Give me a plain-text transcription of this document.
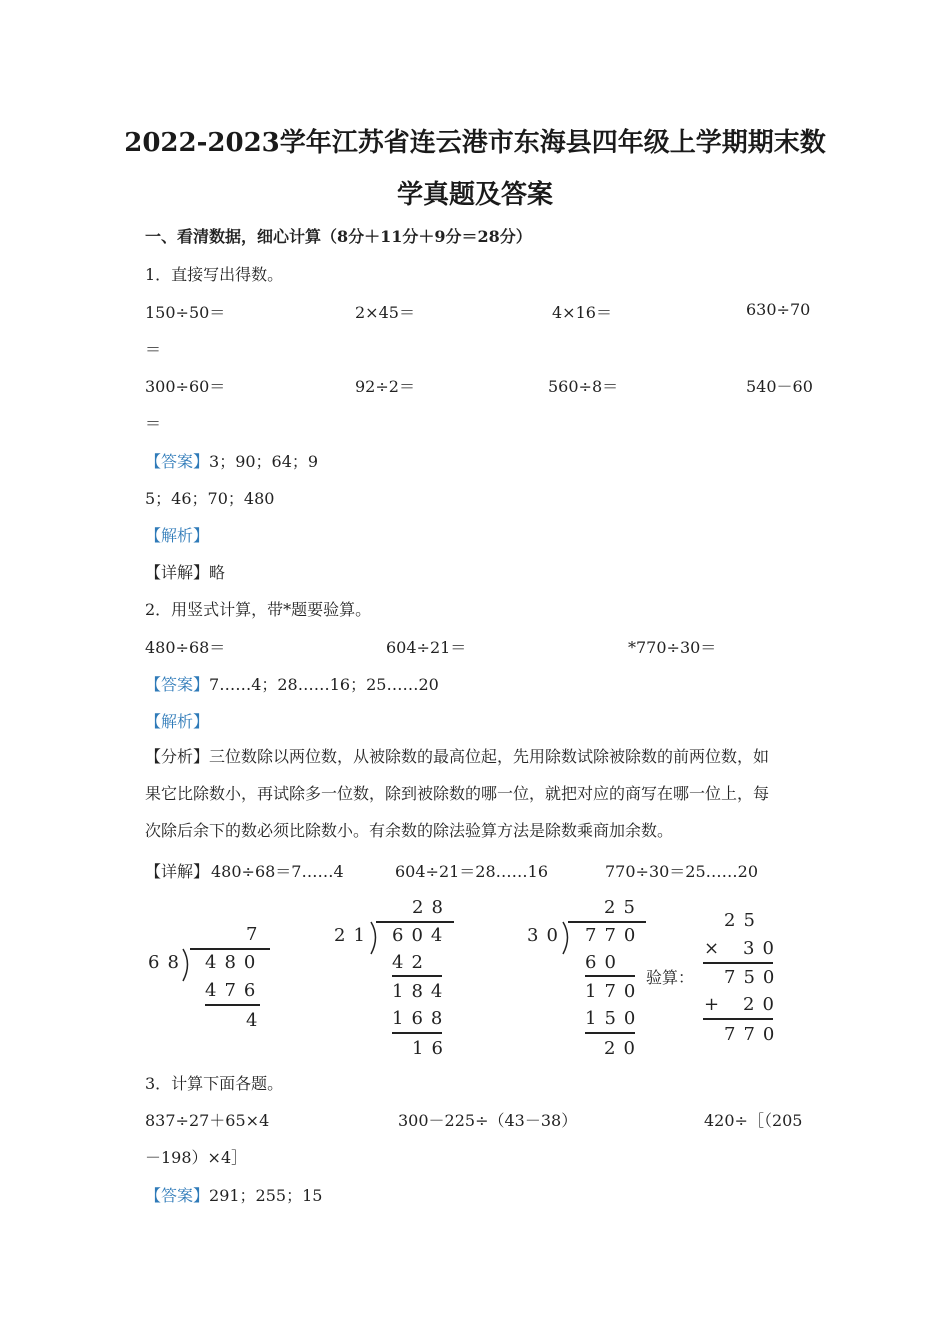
2022-2023学年江苏省连云港市东海县四年级上学期期末数
学真题及答案
一、看清数据，细心计算（8分＋11分＋9分＝28分）
1．直接写出得数。
150÷50＝	2×45＝	4×16＝	630÷70
＝
300÷60＝	92÷2＝	560÷8＝	540－60
＝
【答案】3；90；64；9
5；46；70；480
【解析】
【详解】略
2．用竖式计算，带*题要验算。
480÷68＝	604÷21＝	*770÷30＝
【答案】7……4；28……16；25……20
【解析】
【分析】三位数除以两位数，从被除数的最高位起，先用除数试除被除数的前两位数，如
果它比除数小，再试除多一位数，除到被除数的哪一位，就把对应的商写在哪一位上，每
次除后余下的数必须比除数小。有余数的除法验算方法是除数乘商加余数。
【详解】 480÷68＝7……4	604÷21＝28……16	770÷30＝25……20
7
68 480
476
4
28
21 604
42
184
168
16
25
30 770
60
170
150
20
验算：
25
× 30
750
+ 20
770
3．计算下面各题。
837÷27＋65×4	300－225÷（43－38）	420÷［（205
－198）×4］
【答案】291；255；15
